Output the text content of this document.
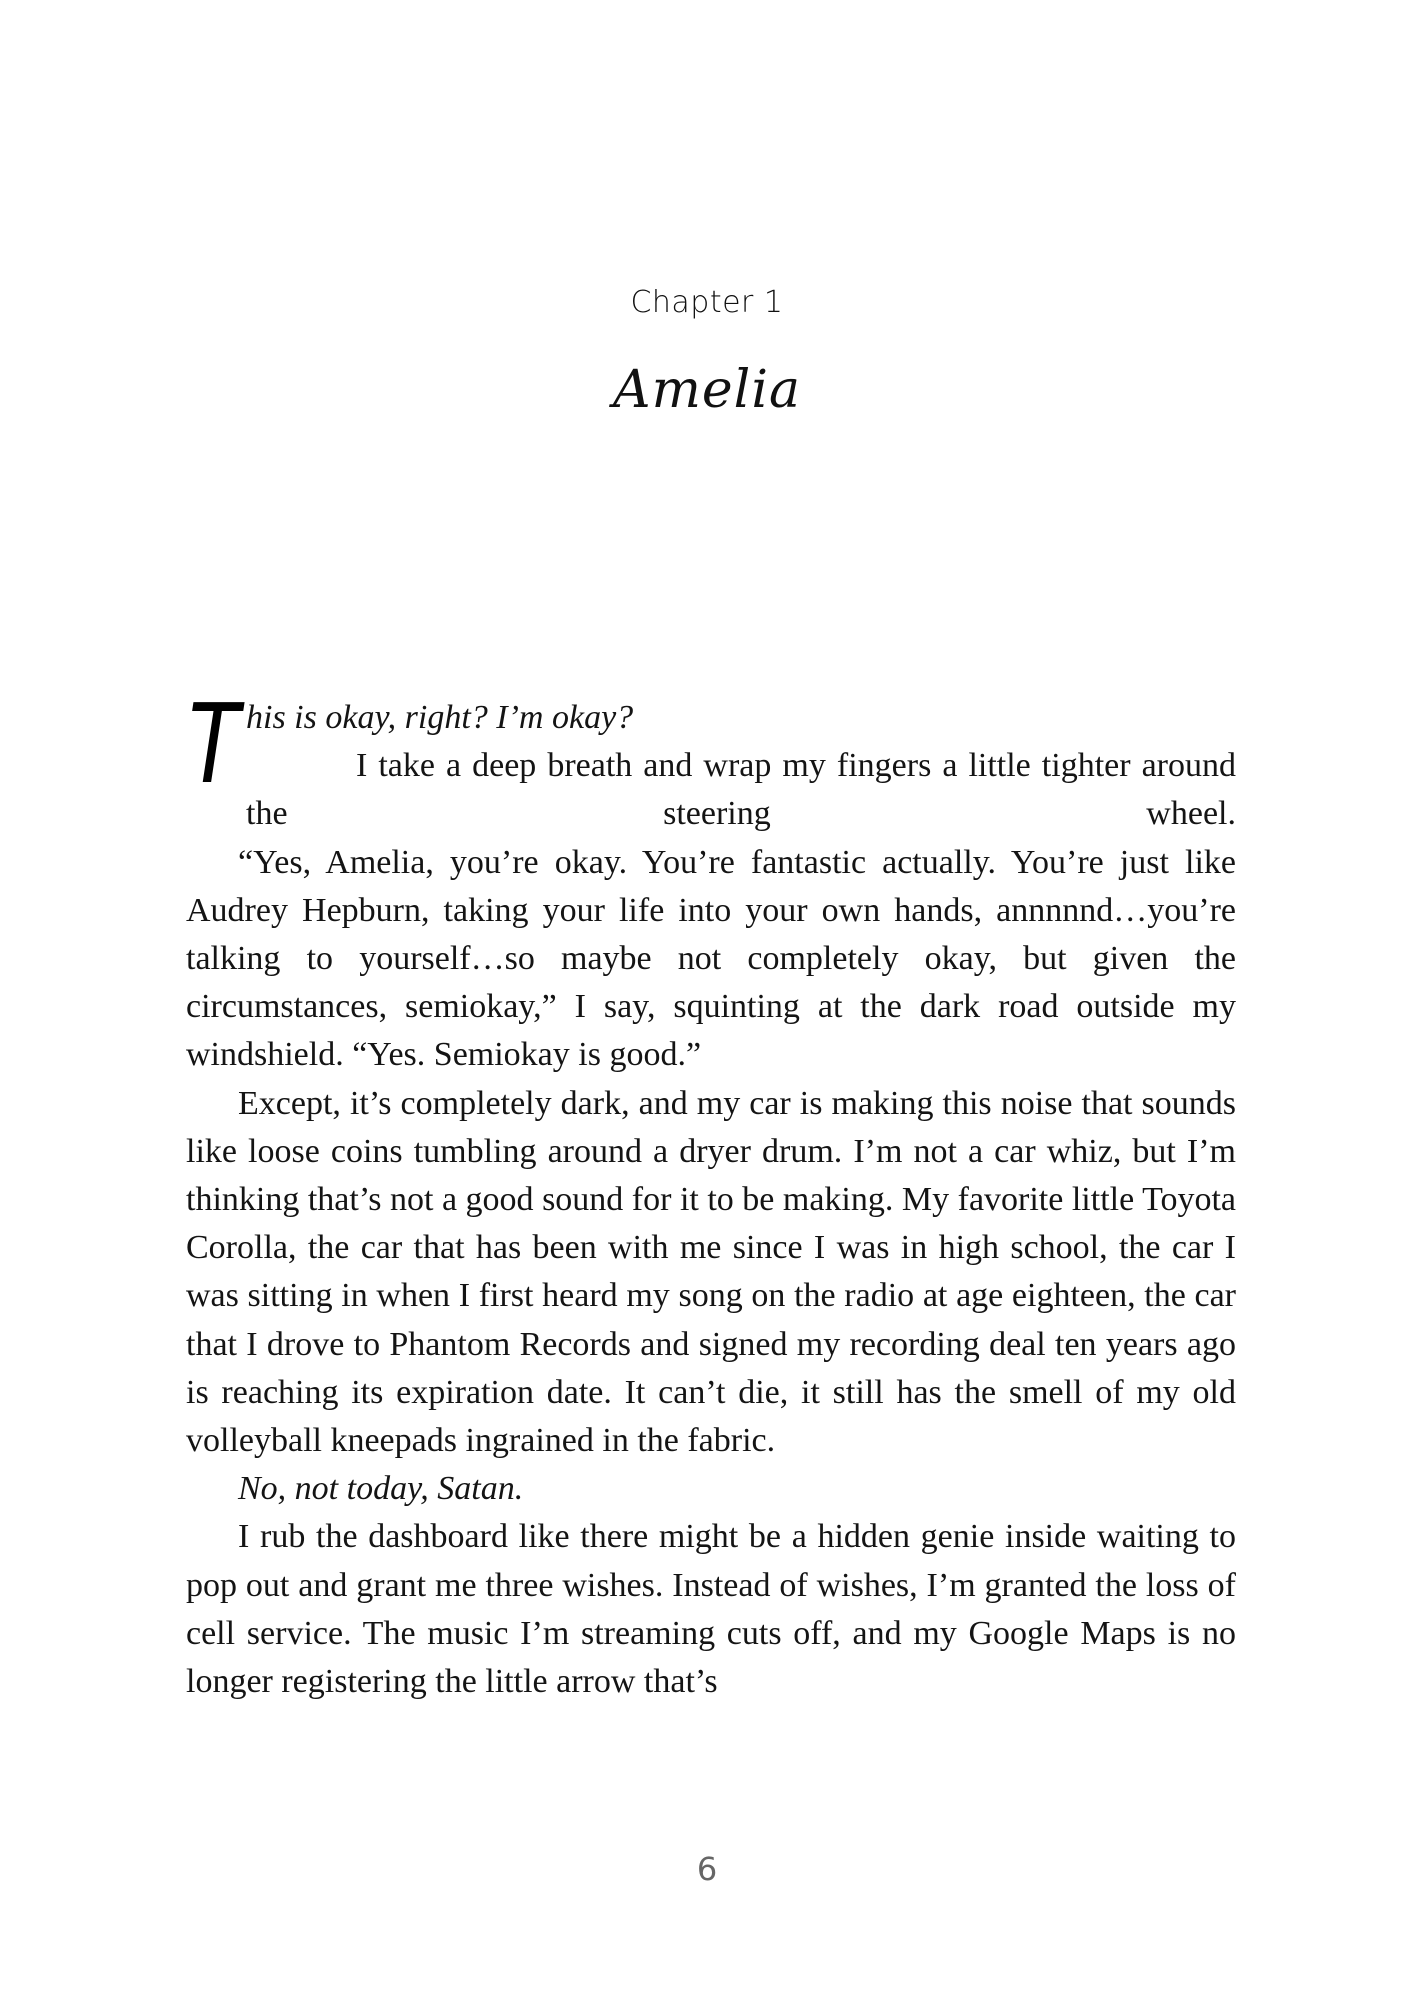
Chapter 1
Amelia

T his is okay, right? I’m okay?
I take a deep breath and wrap my fingers a little tighter around the steering wheel.

“Yes, Amelia, you’re okay. You’re fantastic actually. You’re just like Audrey Hepburn, taking your life into your own hands, annnnnd…you’re talking to yourself…so maybe not completely okay, but given the circumstances, semiokay,” I say, squinting at the dark road outside my windshield. “Yes. Semiokay is good.”

Except, it’s completely dark, and my car is making this noise that sounds like loose coins tumbling around a dryer drum. I’m not a car whiz, but I’m thinking that’s not a good sound for it to be making. My favorite little Toyota Corolla, the car that has been with me since I was in high school, the car I was sitting in when I first heard my song on the radio at age eighteen, the car that I drove to Phantom Records and signed my recording deal ten years ago is reaching its expiration date. It can’t die, it still has the smell of my old volleyball kneepads ingrained in the fabric.

No, not today, Satan.

I rub the dashboard like there might be a hidden genie inside waiting to pop out and grant me three wishes. Instead of wishes, I’m granted the loss of cell service. The music I’m streaming cuts off, and my Google Maps is no longer registering the little arrow that’s

6
